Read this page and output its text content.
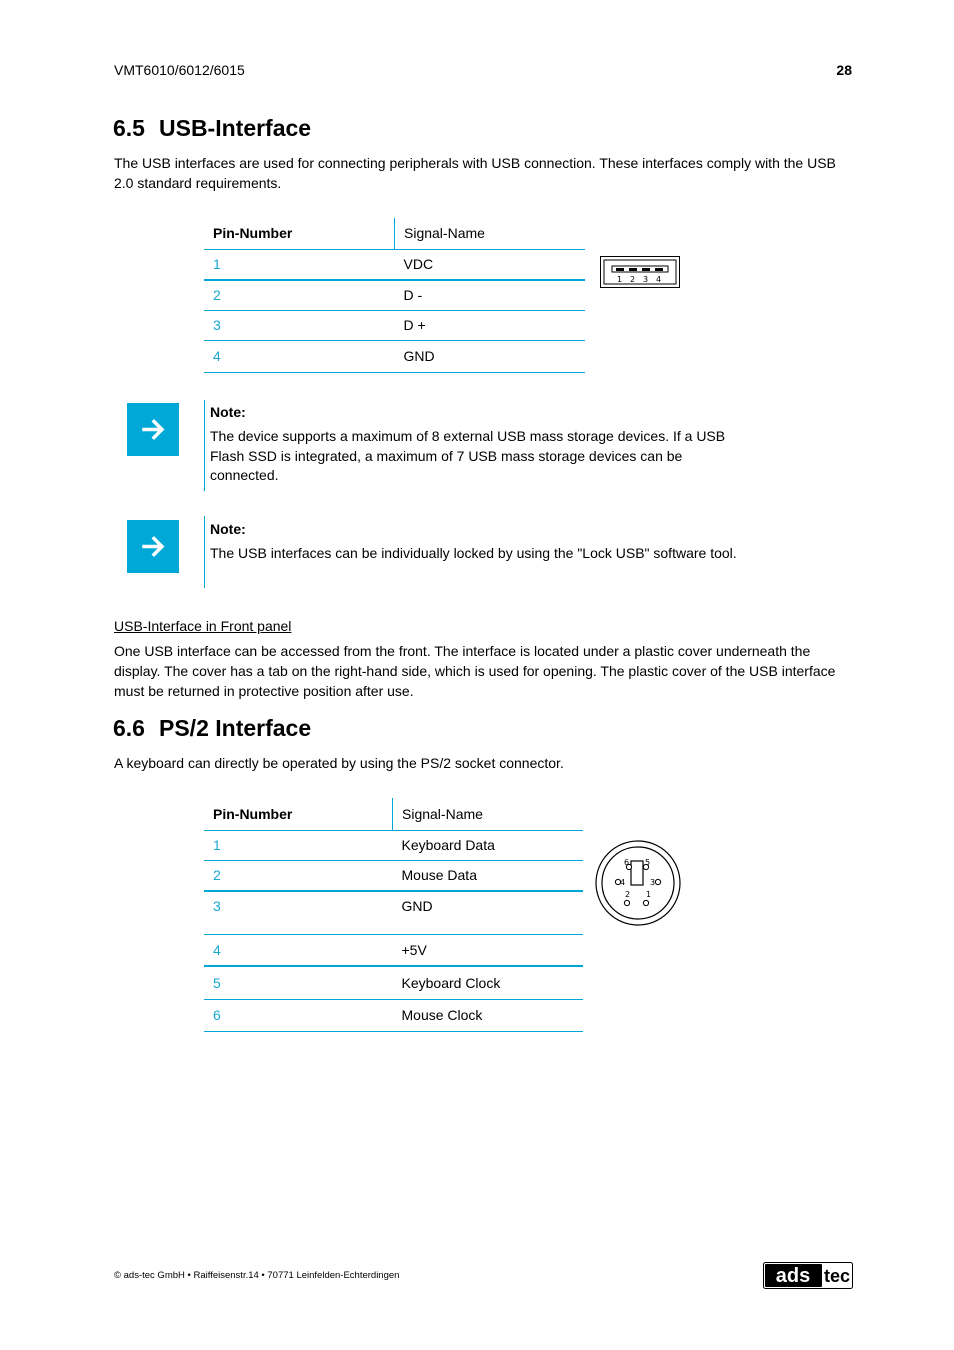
VMT6010/6012/6015	28
6.5 USB-Interface

The USB interfaces are used for connecting peripherals with USB connection. These interfaces comply with the USB 2.0 standard requirements.

Pin-Number	Signal-Name
1	VDC
2	D -
3	D +
4	GND
1 2 3 4
Note:
The device supports a maximum of 8 external USB mass storage devices. If a USB Flash SSD is integrated, a maximum of 7 USB mass storage devices can be connected.
Note:
The USB interfaces can be individually locked by using the "Lock USB" software tool.

USB-Interface in Front panel

One USB interface can be accessed from the front. The interface is located under a plastic cover underneath the display. The cover has a tab on the right-hand side, which is used for opening. The plastic cover of the USB interface must be returned in protective position after use.

6.6 PS/2 Interface

A keyboard can directly be operated by using the PS/2 socket connector.

Pin-Number	Signal-Name
1	Keyboard Data
2	Mouse Data
3	GND
4	+5V
5	Keyboard Clock
6	Mouse Clock
1
2
3
4
5
6
© ads-tec GmbH • Raiffeisenstr.14 • 70771 Leinfelden-Echterdingen	ads tec
